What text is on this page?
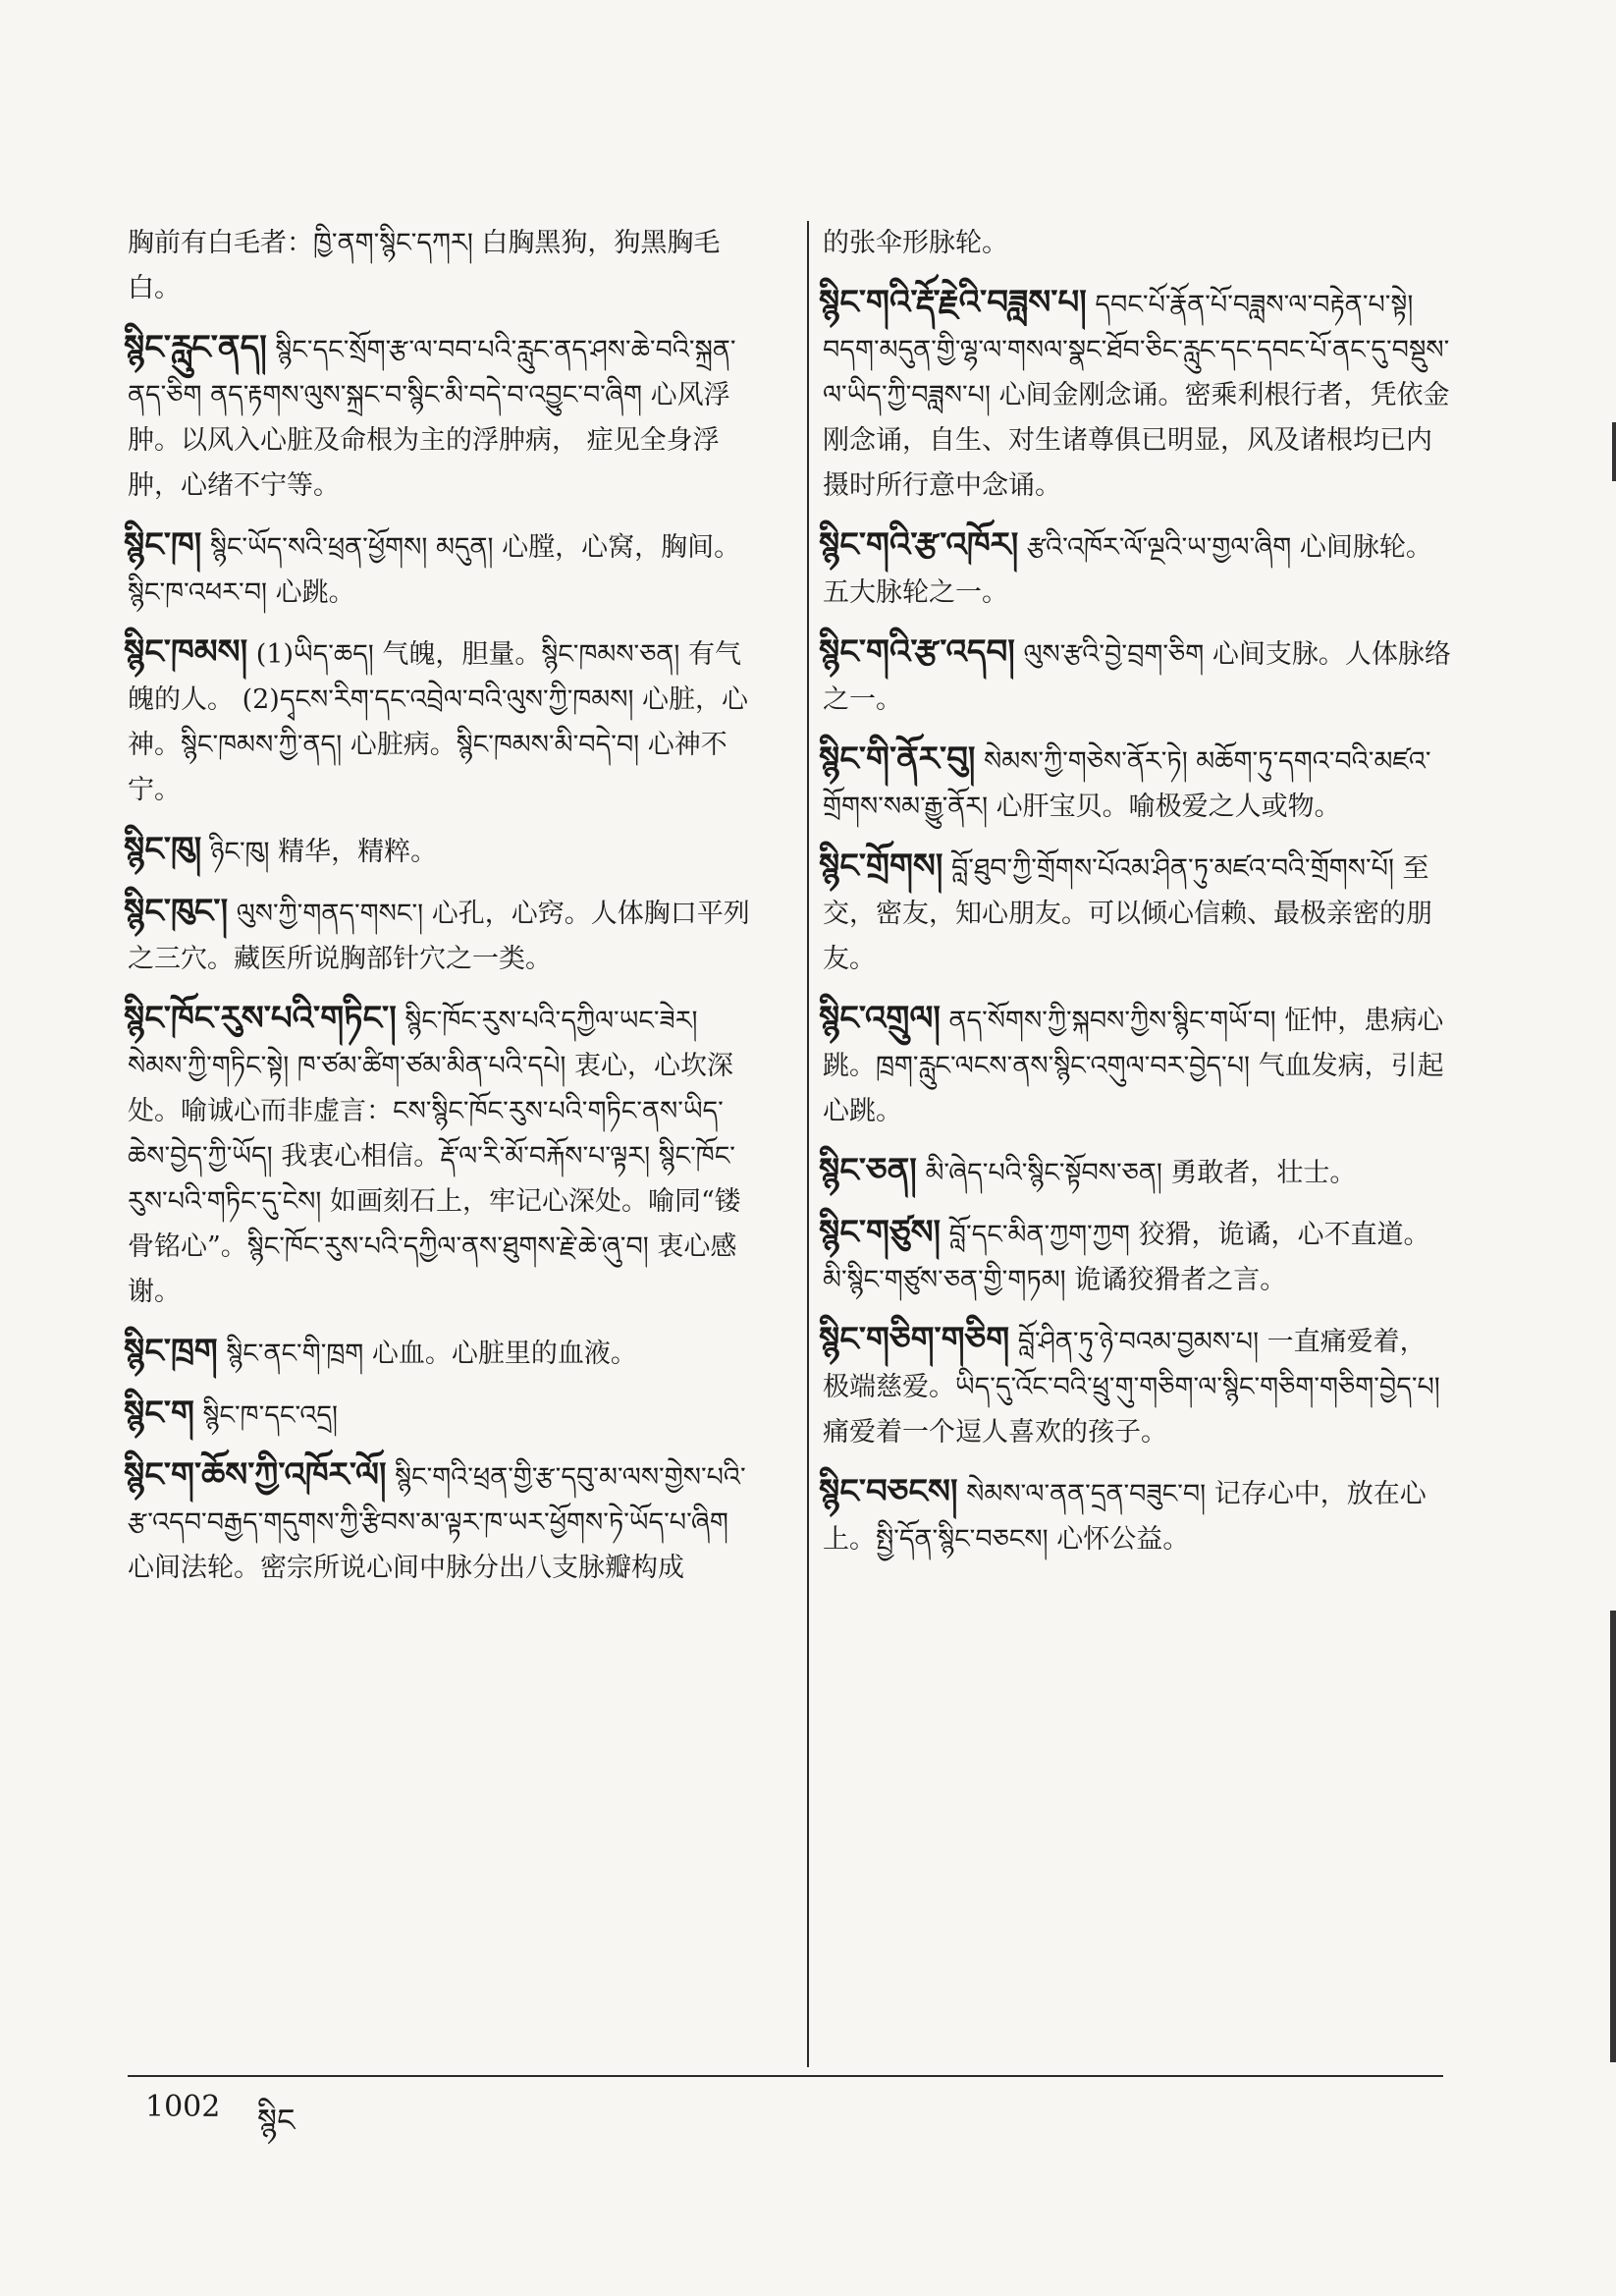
胸前有白毛者：ཁྱི་ནག་སྙིང་དཀར། 白胸黑狗，狗黑胸毛白。
སྙིང་རླུང་ནད། སྙིང་དང་སྲོག་རྩ་ལ་བབ་པའི་རླུང་ནད་ཤས་ཆེ་བའི་སྐྲན་ནད་ཅིག ནད་རྟགས་ལུས་སྐྲང་བ་སྙིང་མི་བདེ་བ་འབྱུང་བ་ཞིག 心风浮肿。以风入心脏及命根为主的浮肿病， 症见全身浮肿，心绪不宁等。
སྙིང་ཁ། སྙིང་ཡོད་སའི་ཕྲན་ཕྱོགས། མདུན། 心膛，心窝，胸间。སྙིང་ཁ་འཕར་བ། 心跳。
སྙིང་ཁམས། (1)ཡིད་ཆད། 气魄，胆量。སྙིང་ཁམས་ཅན། 有气魄的人。 (2)དྭངས་རིག་དང་འབྲེལ་བའི་ལུས་ཀྱི་ཁམས། 心脏，心神。སྙིང་ཁམས་ཀྱི་ནད། 心脏病。སྙིང་ཁམས་མི་བདེ་བ། 心神不宁。
སྙིང་ཁུ། ཉིང་ཁུ། 精华，精粹。
སྙིང་ཁུང་། ལུས་ཀྱི་གནད་གསང་། 心孔，心窍。人体胸口平列之三穴。藏医所说胸部针穴之一类。
སྙིང་ཁོང་རུས་པའི་གཏིང་། སྙིང་ཁོང་རུས་པའི་དཀྱིལ་ཡང་ཟེར། སེམས་ཀྱི་གཏིང་སྟེ། ཁ་ཙམ་ཚིག་ཙམ་མིན་པའི་དཔེ། 衷心，心坎深处。喻诚心而非虚言：ངས་སྙིང་ཁོང་རུས་པའི་གཏིང་ནས་ཡིད་ཆེས་བྱེད་ཀྱི་ཡོད། 我衷心相信。རྡོ་ལ་རི་མོ་བརྐོས་པ་ལྟར། སྙིང་ཁོང་རུས་པའི་གཏིང་དུ་ངེས། 如画刻石上，牢记心深处。喻同“镂骨铭心”。སྙིང་ཁོང་རུས་པའི་དཀྱིལ་ནས་ཐུགས་རྗེ་ཆེ་ཞུ་བ། 衷心感谢。
སྙིང་ཁྲག སྙིང་ནང་གི་ཁྲག 心血。心脏里的血液。
སྙིང་ག སྙིང་ཁ་དང་འདྲ།
སྙིང་ག་ཆོས་ཀྱི་འཁོར་ལོ། སྙིང་གའི་ཕྲན་གྱི་རྩ་དབུ་མ་ལས་གྱེས་པའི་རྩ་འདབ་བརྒྱད་གདུགས་ཀྱི་རྩིབས་མ་ལྟར་ཁ་ཡར་ཕྱོགས་ཏེ་ཡོད་པ་ཞིག 心间法轮。密宗所说心间中脉分出八支脉瓣构成
的张伞形脉轮。
སྙིང་གའི་རྡོ་རྗེའི་བཟླས་པ། དབང་པོ་རྣོན་པོ་བཟླས་ལ་བརྟེན་པ་སྟེ། བདག་མདུན་གྱི་ལྷ་ལ་གསལ་སྣང་ཐོབ་ཅིང་རླུང་དང་དབང་པོ་ནང་དུ་བསྡུས་ལ་ཡིད་ཀྱི་བཟླས་པ། 心间金刚念诵。密乘利根行者，凭依金刚念诵，自生、对生诸尊俱已明显，风及诸根均已内摄时所行意中念诵。
སྙིང་གའི་རྩ་འཁོར། རྩའི་འཁོར་ལོ་ལྔའི་ཡ་གྱལ་ཞིག 心间脉轮。五大脉轮之一。
སྙིང་གའི་རྩ་འདབ། ལུས་རྩའི་བྱེ་བྲག་ཅིག 心间支脉。人体脉络之一。
སྙིང་གི་ནོར་བུ། སེམས་ཀྱི་གཅེས་ནོར་ཏེ། མཆོག་ཏུ་དགའ་བའི་མཛའ་གྲོགས་སམ་རྒྱུ་ནོར། 心肝宝贝。喻极爱之人或物。
སྙིང་གྲོགས། བློ་ཐུབ་ཀྱི་གྲོགས་པོའམ་ཤིན་ཏུ་མཛའ་བའི་གྲོགས་པོ། 至交，密友，知心朋友。可以倾心信赖、最极亲密的朋友。
སྙིང་འགྲུལ། ནད་སོགས་ཀྱི་སྐབས་ཀྱིས་སྙིང་གཡོ་བ། 怔忡，患病心跳。ཁྲག་རླུང་ལངས་ནས་སྙིང་འགུལ་བར་བྱེད་པ། 气血发病，引起心跳。
སྙིང་ཅན། མི་ཞེད་པའི་སྙིང་སྟོབས་ཅན། 勇敢者，壮士。
སྙིང་གཙུས། བློ་དང་མིན་ཀྱག་ཀྱག 狡猾，诡谲，心不直道。མི་སྙིང་གཙུས་ཅན་གྱི་གཏམ། 诡谲狡猾者之言。
སྙིང་གཅིག་གཅིག བློ་ཤིན་ཏུ་ཉེ་བའམ་བྱམས་པ། 一直痛爱着，极端慈爱。ཡིད་དུ་འོང་བའི་ཕྲུ་གུ་གཅིག་ལ་སྙིང་གཅིག་གཅིག་བྱེད་པ། 痛爱着一个逗人喜欢的孩子。
སྙིང་བཅངས། སེམས་ལ་ནན་དྲན་བཟུང་བ། 记存心中，放在心上。སྤྱི་དོན་སྙིང་བཅངས། 心怀公益。
1002 སྙིང
